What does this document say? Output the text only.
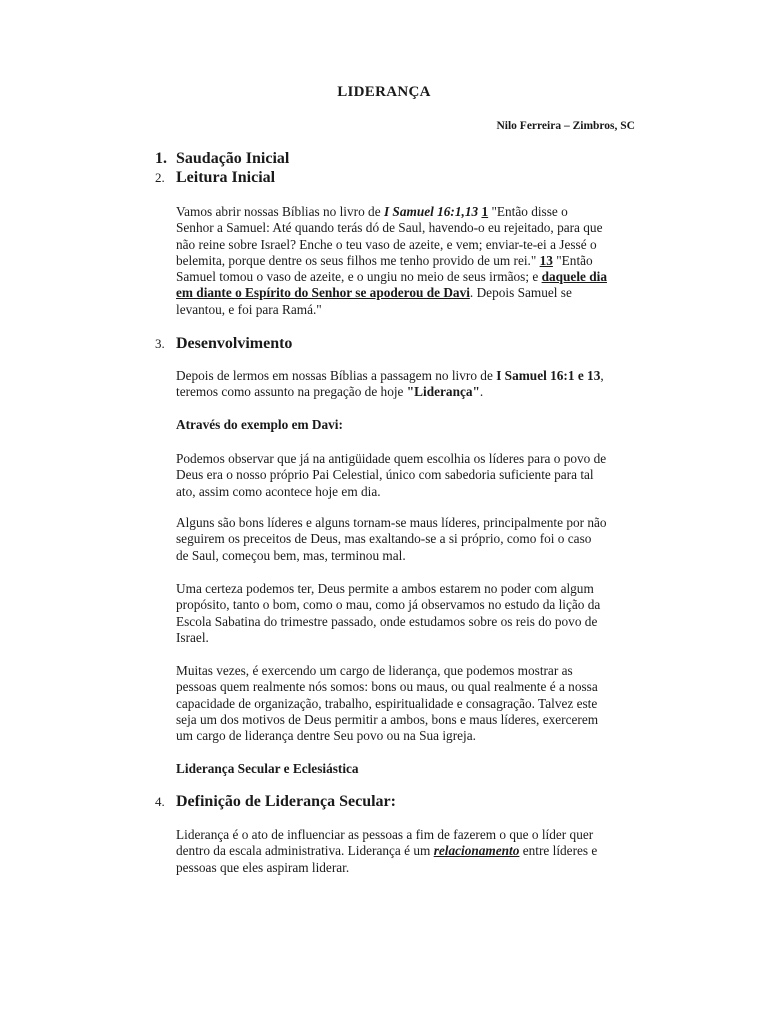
LIDERANÇA
Nilo Ferreira – Zimbros, SC
1. Saudação Inicial
2. Leitura Inicial
Vamos abrir nossas Bíblias no livro de I Samuel 16:1,13 1 "Então disse o
Senhor a Samuel: Até quando terás dó de Saul, havendo-o eu rejeitado, para que
não reine sobre Israel? Enche o teu vaso de azeite, e vem; enviar-te-ei a Jessé o
belemita, porque dentre os seus filhos me tenho provido de um rei." 13 "Então
Samuel tomou o vaso de azeite, e o ungiu no meio de seus irmãos; e daquele dia
em diante o Espírito do Senhor se apoderou de Davi. Depois Samuel se
levantou, e foi para Ramá."
3. Desenvolvimento
Depois de lermos em nossas Bíblias a passagem no livro de I Samuel 16:1 e 13,
teremos como assunto na pregação de hoje "Liderança".
Através do exemplo em Davi:
Podemos observar que já na antigüidade quem escolhia os líderes para o povo de
Deus era o nosso próprio Pai Celestial, único com sabedoria suficiente para tal
ato, assim como acontece hoje em dia.
Alguns são bons líderes e alguns tornam-se maus líderes, principalmente por não
seguirem os preceitos de Deus, mas exaltando-se a si próprio, como foi o caso
de Saul, começou bem, mas, terminou mal.
Uma certeza podemos ter, Deus permite a ambos estarem no poder com algum
propósito, tanto o bom, como o mau, como já observamos no estudo da lição da
Escola Sabatina do trimestre passado, onde estudamos sobre os reis do povo de
Israel.
Muitas vezes, é exercendo um cargo de liderança, que podemos mostrar as
pessoas quem realmente nós somos: bons ou maus, ou qual realmente é a nossa
capacidade de organização, trabalho, espiritualidade e consagração. Talvez este
seja um dos motivos de Deus permitir a ambos, bons e maus líderes, exercerem
um cargo de liderança dentre Seu povo ou na Sua igreja.
Liderança Secular e Eclesiástica
4. Definição de Liderança Secular:
Liderança é o ato de influenciar as pessoas a fim de fazerem o que o líder quer
dentro da escala administrativa. Liderança é um relacionamento entre líderes e
pessoas que eles aspiram liderar.
